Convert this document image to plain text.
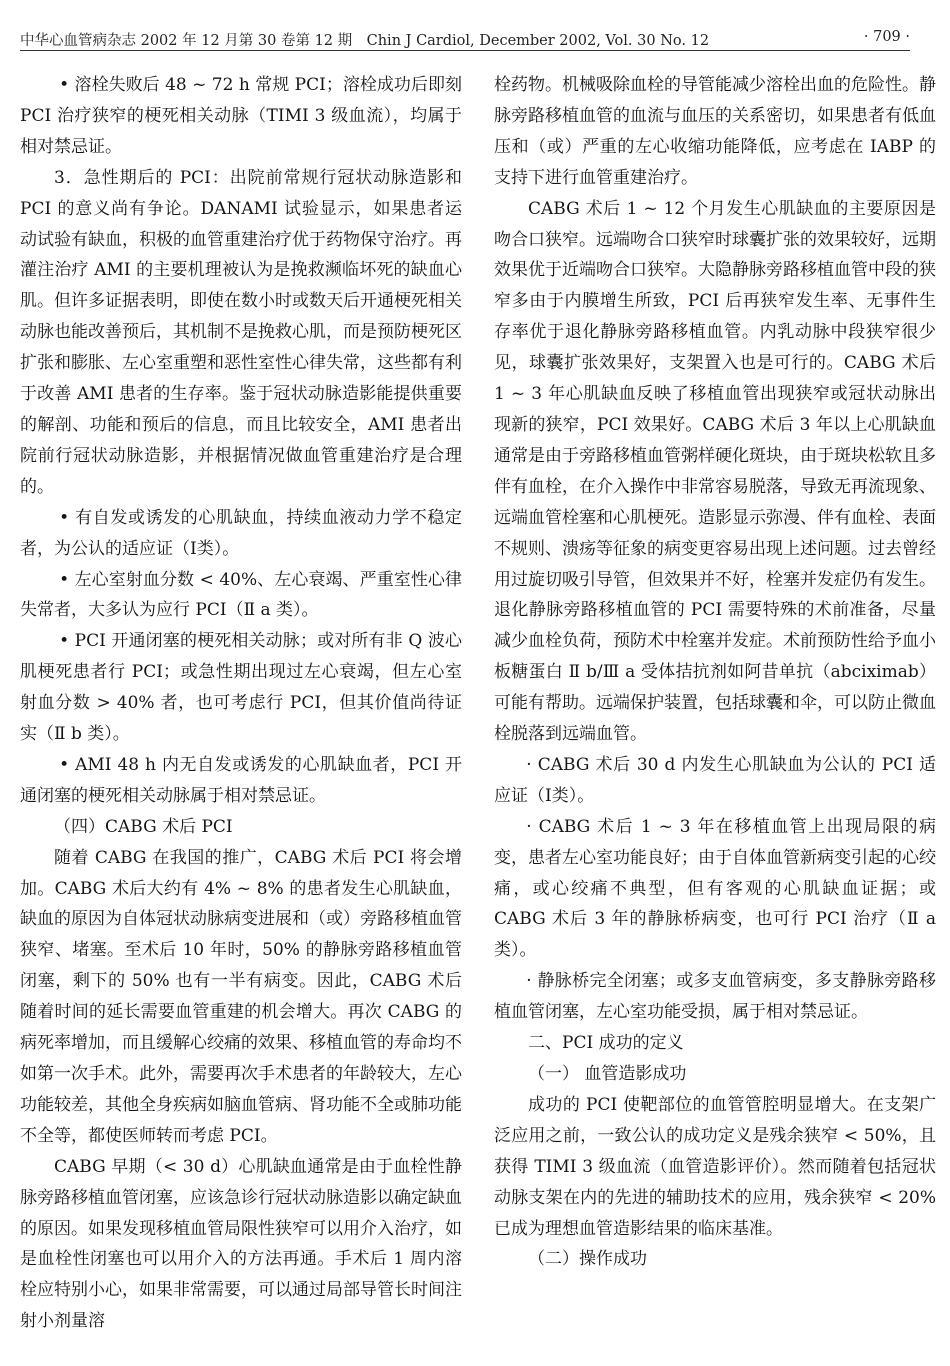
中华心血管病杂志 2002 年 12 月第 30 卷第 12 期　Chin J Cardiol, December 2002, Vol. 30 No. 12	· 709 ·

• 溶栓失败后 48 ~ 72 h 常规 PCI；溶栓成功后即刻 PCI 治疗狭窄的梗死相关动脉（TIMI 3 级血流），均属于相对禁忌证。

3．急性期后的 PCI：出院前常规行冠状动脉造影和 PCI 的意义尚有争论。DANAMI 试验显示，如果患者运动试验有缺血，积极的血管重建治疗优于药物保守治疗。再灌注治疗 AMI 的主要机理被认为是挽救濒临坏死的缺血心肌。但许多证据表明，即使在数小时或数天后开通梗死相关动脉也能改善预后，其机制不是挽救心肌，而是预防梗死区扩张和膨胀、左心室重塑和恶性室性心律失常，这些都有利于改善 AMI 患者的生存率。鉴于冠状动脉造影能提供重要的解剖、功能和预后的信息，而且比较安全，AMI 患者出院前行冠状动脉造影，并根据情况做血管重建治疗是合理的。

• 有自发或诱发的心肌缺血，持续血液动力学不稳定者，为公认的适应证（Ⅰ类）。

• 左心室射血分数 < 40%、左心衰竭、严重室性心律失常者，大多认为应行 PCI（Ⅱ a 类）。

• PCI 开通闭塞的梗死相关动脉；或对所有非 Q 波心肌梗死患者行 PCI；或急性期出现过左心衰竭，但左心室射血分数 > 40% 者，也可考虑行 PCI，但其价值尚待证实（Ⅱ b 类）。

• AMI 48 h 内无自发或诱发的心肌缺血者，PCI 开通闭塞的梗死相关动脉属于相对禁忌证。

（四）CABG 术后 PCI

随着 CABG 在我国的推广，CABG 术后 PCI 将会增加。CABG 术后大约有 4% ~ 8% 的患者发生心肌缺血，缺血的原因为自体冠状动脉病变进展和（或）旁路移植血管狭窄、堵塞。至术后 10 年时，50% 的静脉旁路移植血管闭塞，剩下的 50% 也有一半有病变。因此，CABG 术后随着时间的延长需要血管重建的机会增大。再次 CABG 的病死率增加，而且缓解心绞痛的效果、移植血管的寿命均不如第一次手术。此外，需要再次手术患者的年龄较大，左心功能较差，其他全身疾病如脑血管病、肾功能不全或肺功能不全等，都使医师转而考虑 PCI。

CABG 早期（< 30 d）心肌缺血通常是由于血栓性静脉旁路移植血管闭塞，应该急诊行冠状动脉造影以确定缺血的原因。如果发现移植血管局限性狭窄可以用介入治疗，如是血栓性闭塞也可以用介入的方法再通。手术后 1 周内溶栓应特别小心，如果非常需要，可以通过局部导管长时间注射小剂量溶

栓药物。机械吸除血栓的导管能减少溶栓出血的危险性。静脉旁路移植血管的血流与血压的关系密切，如果患者有低血压和（或）严重的左心收缩功能降低，应考虑在 IABP 的支持下进行血管重建治疗。

CABG 术后 1 ~ 12 个月发生心肌缺血的主要原因是吻合口狭窄。远端吻合口狭窄时球囊扩张的效果较好，远期效果优于近端吻合口狭窄。大隐静脉旁路移植血管中段的狭窄多由于内膜增生所致，PCI 后再狭窄发生率、无事件生存率优于退化静脉旁路移植血管。内乳动脉中段狭窄很少见，球囊扩张效果好，支架置入也是可行的。CABG 术后 1 ~ 3 年心肌缺血反映了移植血管出现狭窄或冠状动脉出现新的狭窄，PCI 效果好。CABG 术后 3 年以上心肌缺血通常是由于旁路移植血管粥样硬化斑块，由于斑块松软且多伴有血栓，在介入操作中非常容易脱落，导致无再流现象、远端血管栓塞和心肌梗死。造影显示弥漫、伴有血栓、表面不规则、溃疡等征象的病变更容易出现上述问题。过去曾经用过旋切吸引导管，但效果并不好，栓塞并发症仍有发生。退化静脉旁路移植血管的 PCI 需要特殊的术前准备，尽量减少血栓负荷，预防术中栓塞并发症。术前预防性给予血小板糖蛋白 Ⅱ b/Ⅲ a 受体拮抗剂如阿昔单抗（abciximab）可能有帮助。远端保护装置，包括球囊和伞，可以防止微血栓脱落到远端血管。

· CABG 术后 30 d 内发生心肌缺血为公认的 PCI 适应证（Ⅰ类）。

· CABG 术后 1 ~ 3 年在移植血管上出现局限的病变，患者左心室功能良好；由于自体血管新病变引起的心绞痛，或心绞痛不典型，但有客观的心肌缺血证据；或 CABG 术后 3 年的静脉桥病变，也可行 PCI 治疗（Ⅱ a 类）。

· 静脉桥完全闭塞；或多支血管病变，多支静脉旁路移植血管闭塞，左心室功能受损，属于相对禁忌证。

二、PCI 成功的定义

（一） 血管造影成功

成功的 PCI 使靶部位的血管管腔明显增大。在支架广泛应用之前，一致公认的成功定义是残余狭窄 < 50%，且获得 TIMI 3 级血流（血管造影评价）。然而随着包括冠状动脉支架在内的先进的辅助技术的应用，残余狭窄 < 20% 已成为理想血管造影结果的临床基准。

（二）操作成功
